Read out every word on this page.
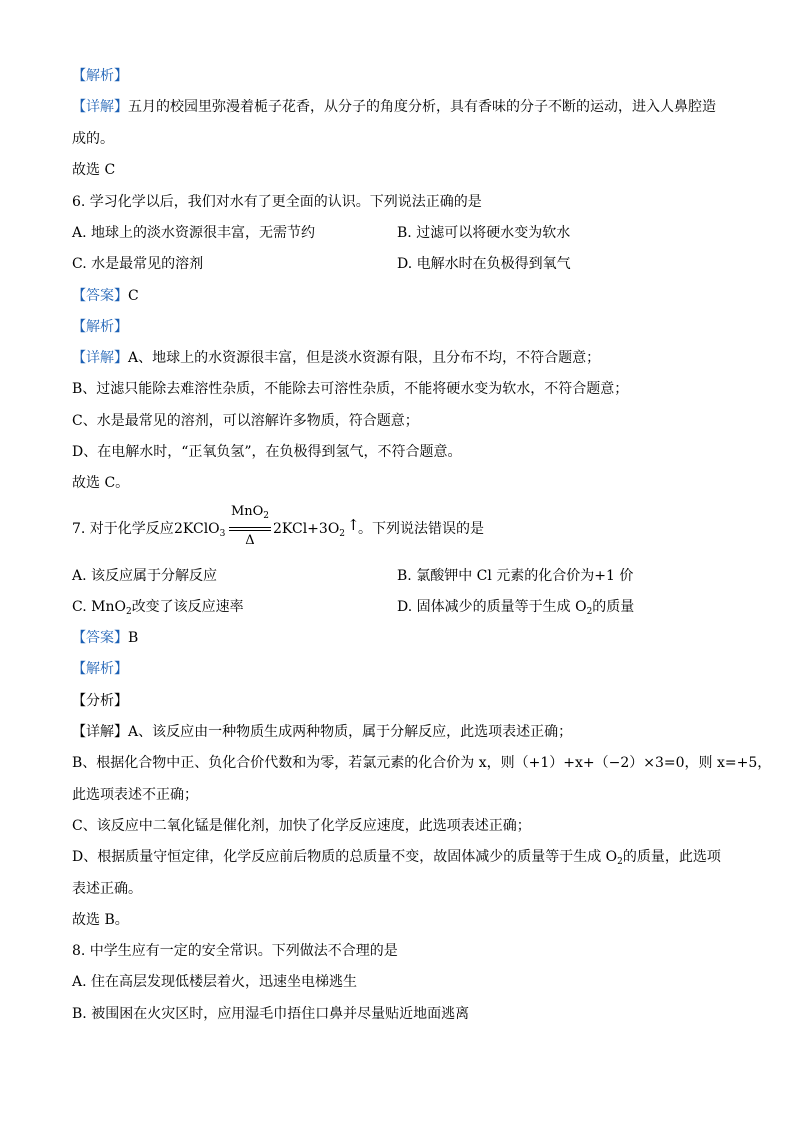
【解析】
【详解】五月的校园里弥漫着栀子花香，从分子的角度分析，具有香味的分子不断的运动，进入人鼻腔造
成的。
故选 C
6. 学习化学以后，我们对水有了更全面的认识。下列说法正确的是
A. 地球上的淡水资源很丰富，无需节约	B. 过滤可以将硬水变为软水
C. 水是最常见的溶剂	D. 电解水时在负极得到氧气
【答案】C
【解析】
【详解】A、地球上的水资源很丰富，但是淡水资源有限，且分布不均，不符合题意；
B、过滤只能除去难溶性杂质，不能除去可溶性杂质，不能将硬水变为软水，不符合题意；
C、水是最常见的溶剂，可以溶解许多物质，符合题意；
D、在电解水时，“正氧负氢”，在负极得到氢气，不符合题意。
故选 C。
7. 对于化学反应 2KClO$_3$
MnO$_2$
Δ
$2KCl+3O_2$ ↑
。下列说法错误的是
A. 该反应属于分解反应	B. 氯酸钾中 Cl 元素的化合价为+1 价
C. MnO$_2$改变了该反应速率	D. 固体减少的质量等于生成 $O_2$的质量
【答案】B
【解析】
【分析】
【详解】A、该反应由一种物质生成两种物质，属于分解反应，此选项表述正确；
B、根据化合物中正、负化合价代数和为零，若氯元素的化合价为 x，则（+1）+x+（−2）×3=0，则 x=+5，
此选项表述不正确；
C、该反应中二氧化锰是催化剂，加快了化学反应速度，此选项表述正确；
D、根据质量守恒定律，化学反应前后物质的总质量不变，故固体减少的质量等于生成 $O_2$的质量，此选项
表述正确。
故选 B。
8. 中学生应有一定的安全常识。下列做法不合理的是
A. 住在高层发现低楼层着火，迅速坐电梯逃生
B. 被围困在火灾区时，应用湿毛巾捂住口鼻并尽量贴近地面逃离
